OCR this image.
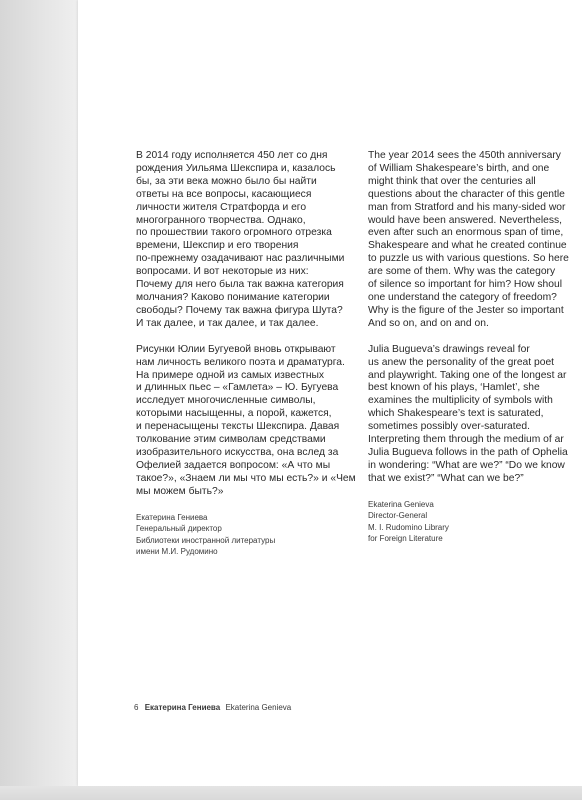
В 2014 году исполняется 450 лет со дня
рождения Уильяма Шекспира и, казалось
бы, за эти века можно было бы найти
ответы на все вопросы, касающиеся
личности жителя Стратфорда и его
многогранного творчества. Однако,
по прошествии такого огромного отрезка
времени, Шекспир и его творения
по-прежнему озадачивают нас различными
вопросами. И вот некоторые из них:
Почему для него была так важна категория
молчания? Каково понимание категории
свободы? Почему так важна фигура Шута?
И так далее, и так далее, и так далее.

Рисунки Юлии Бугуевой вновь открывают
нам личность великого поэта и драматурга.
На примере одной из самых известных
и длинных пьес – «Гамлета» – Ю. Бугуева
исследует многочисленные символы,
которыми насыщенны, а порой, кажется,
и перенасыщены тексты Шекспира. Давая
толкование этим символам средствами
изобразительного искусства, она вслед за
Офелией задается вопросом: «А что мы
такое?», «Знаем ли мы что мы есть?» и «Чем
мы можем быть?»

Екатерина Гениева
Генеральный директор
Библиотеки иностранной литературы
имени М.И. Рудомино

The year 2014 sees the 450th anniversary
of William Shakespeare’s birth, and one
might think that over the centuries all
questions about the character of this gentle
man from Stratford and his many-sided wor
would have been answered. Nevertheless,
even after such an enormous span of time,
Shakespeare and what he created continue
to puzzle us with various questions. So here
are some of them. Why was the category
of silence so important for him? How shoul
one understand the category of freedom?
Why is the figure of the Jester so important
And so on, and on and on.

Julia Bugueva’s drawings reveal for
us anew the personality of the great poet
and playwright. Taking one of the longest ar
best known of his plays, ‘Hamlet’, she
examines the multiplicity of symbols with
which Shakespeare’s text is saturated,
sometimes possibly over-saturated.
Interpreting them through the medium of ar
Julia Bugueva follows in the path of Ophelia
in wondering: “What are we?” “Do we know
that we exist?” “What can we be?”

Ekaterina Genieva
Director-General
M. I. Rudomino Library
for Foreign Literature
6 Екатерина Гениева Ekaterina Genieva
